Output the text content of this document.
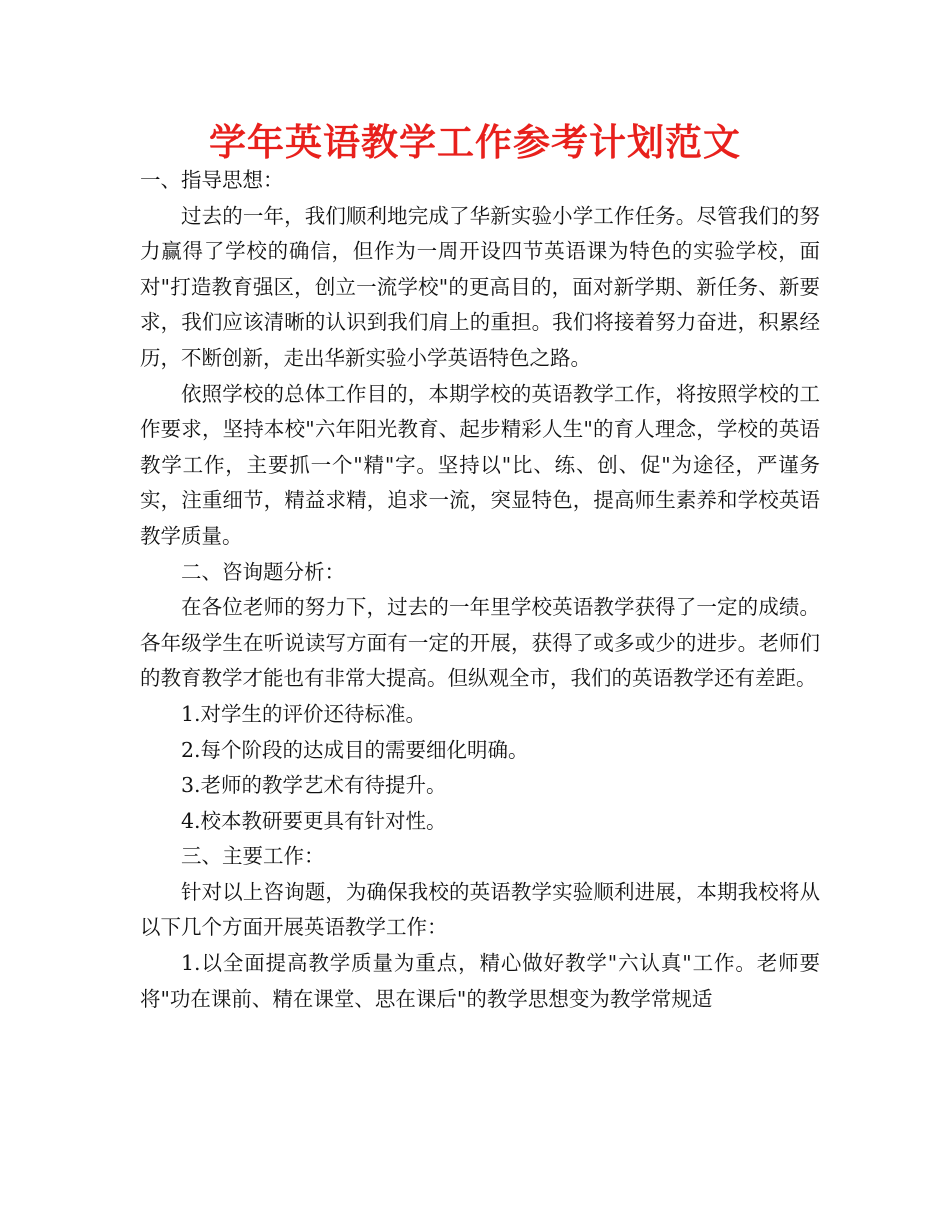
学年英语教学工作参考计划范文

一、指导思想：

过去的一年，我们顺利地完成了华新实验小学工作任务。尽管我们的努力赢得了学校的确信，但作为一周开设四节英语课为特色的实验学校，面对"打造教育强区，创立一流学校"的更高目的，面对新学期、新任务、新要求，我们应该清晰的认识到我们肩上的重担。我们将接着努力奋进，积累经历，不断创新，走出华新实验小学英语特色之路。

依照学校的总体工作目的，本期学校的英语教学工作，将按照学校的工作要求，坚持本校"六年阳光教育、起步精彩人生"的育人理念，学校的英语教学工作，主要抓一个"精"字。坚持以"比、练、创、促"为途径，严谨务实，注重细节，精益求精，追求一流，突显特色，提高师生素养和学校英语教学质量。

二、咨询题分析：

在各位老师的努力下，过去的一年里学校英语教学获得了一定的成绩。各年级学生在听说读写方面有一定的开展，获得了或多或少的进步。老师们的教育教学才能也有非常大提高。但纵观全市，我们的英语教学还有差距。

1.对学生的评价还待标准。

2.每个阶段的达成目的需要细化明确。

3.老师的教学艺术有待提升。

4.校本教研要更具有针对性。

三、主要工作：

针对以上咨询题，为确保我校的英语教学实验顺利进展，本期我校将从以下几个方面开展英语教学工作：

1.以全面提高教学质量为重点，精心做好教学"六认真"工作。老师要将"功在课前、精在课堂、思在课后"的教学思想变为教学常规适
